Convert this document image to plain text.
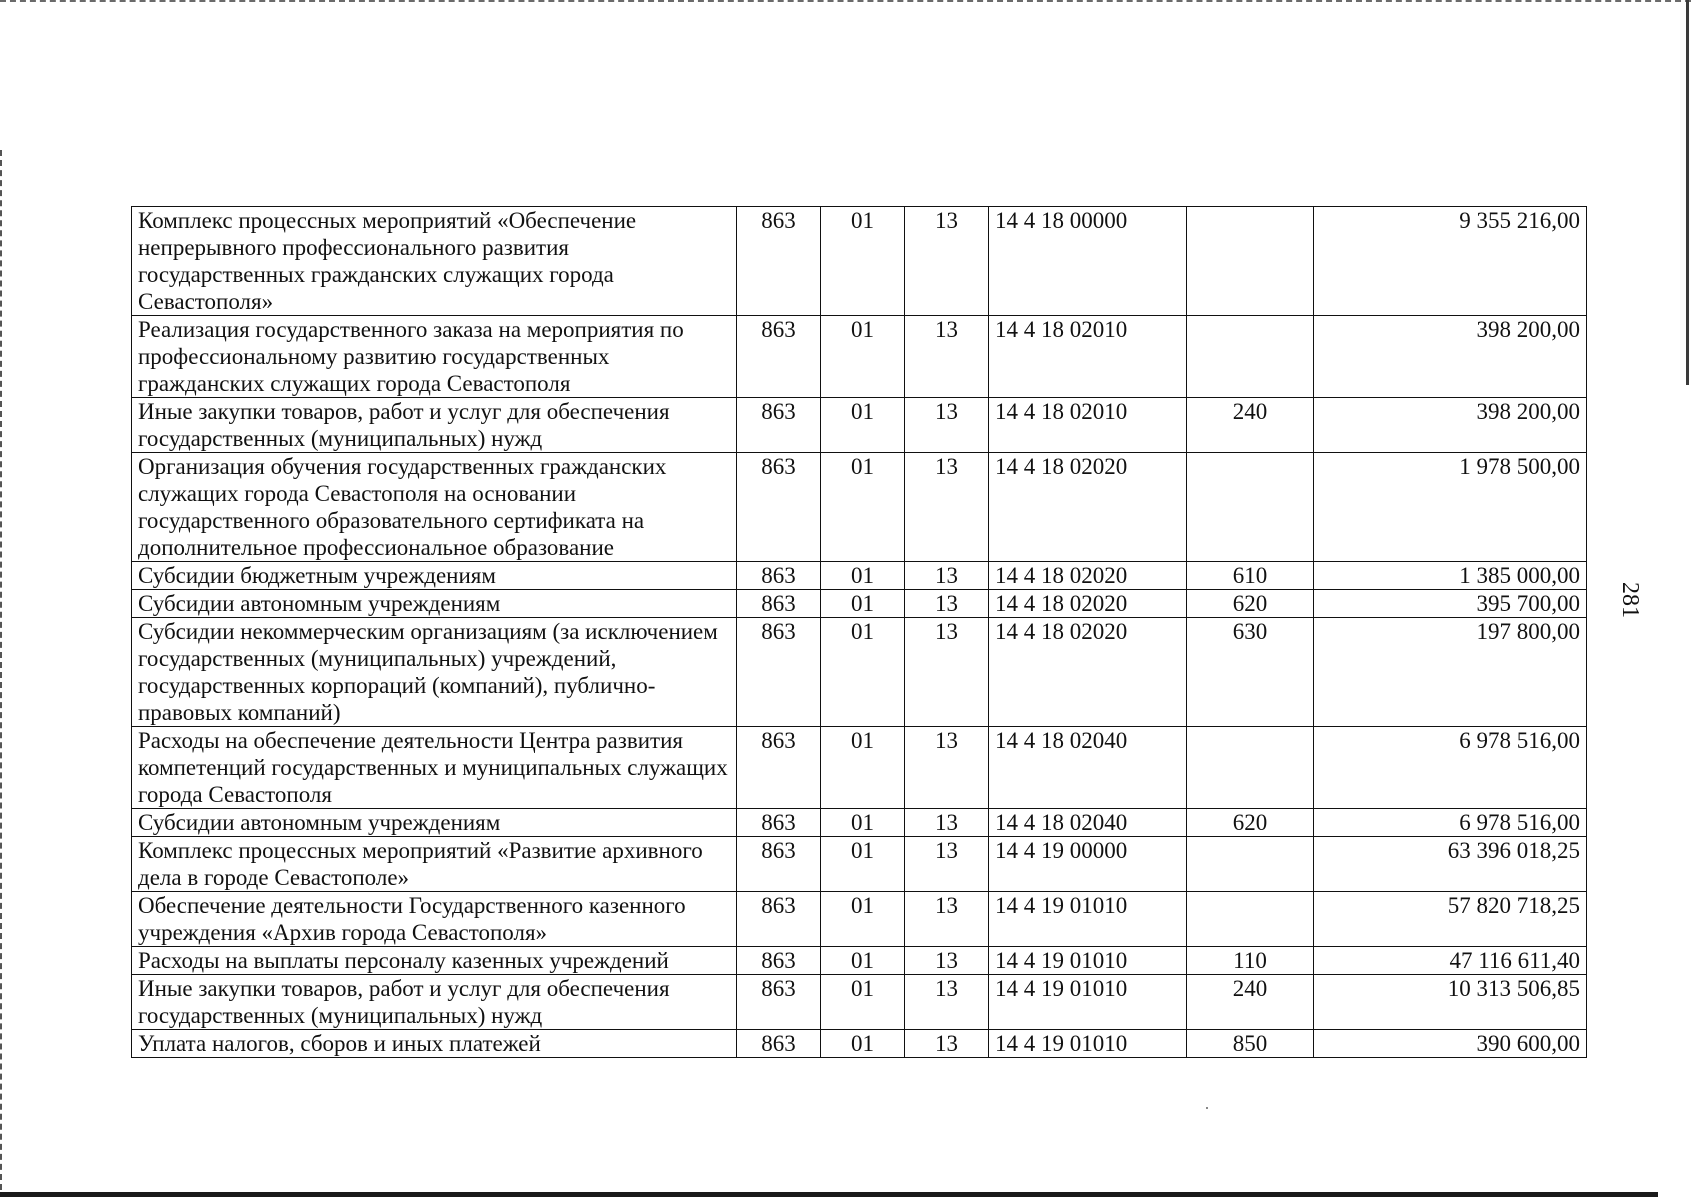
281
Комплекс процессных мероприятий «Обеспечение непрерывного профессионального развития государственных гражданских служащих города Севастополя»	863	01	13	14 4 18 00000		9 355 216,00
Реализация государственного заказа на мероприятия по профессиональному развитию государственных гражданских служащих города Севастополя	863	01	13	14 4 18 02010		398 200,00
Иные закупки товаров, работ и услуг для обеспечения государственных (муниципальных) нужд	863	01	13	14 4 18 02010	240	398 200,00
Организация обучения государственных гражданских служащих города Севастополя на основании государственного образовательного сертификата на дополнительное профессиональное образование	863	01	13	14 4 18 02020		1 978 500,00
Субсидии бюджетным учреждениям	863	01	13	14 4 18 02020	610	1 385 000,00
Субсидии автономным учреждениям	863	01	13	14 4 18 02020	620	395 700,00
Субсидии некоммерческим организациям (за исключением государственных (муниципальных) учреждений, государственных корпораций (компаний), публично-правовых компаний)	863	01	13	14 4 18 02020	630	197 800,00
Расходы на обеспечение деятельности Центра развития компетенций государственных и муниципальных служащих города Севастополя	863	01	13	14 4 18 02040		6 978 516,00
Субсидии автономным учреждениям	863	01	13	14 4 18 02040	620	6 978 516,00
Комплекс процессных мероприятий «Развитие архивного дела в городе Севастополе»	863	01	13	14 4 19 00000		63 396 018,25
Обеспечение деятельности Государственного казенного учреждения «Архив города Севастополя»	863	01	13	14 4 19 01010		57 820 718,25
Расходы на выплаты персоналу казенных учреждений	863	01	13	14 4 19 01010	110	47 116 611,40
Иные закупки товаров, работ и услуг для обеспечения государственных (муниципальных) нужд	863	01	13	14 4 19 01010	240	10 313 506,85
Уплата налогов, сборов и иных платежей	863	01	13	14 4 19 01010	850	390 600,00
